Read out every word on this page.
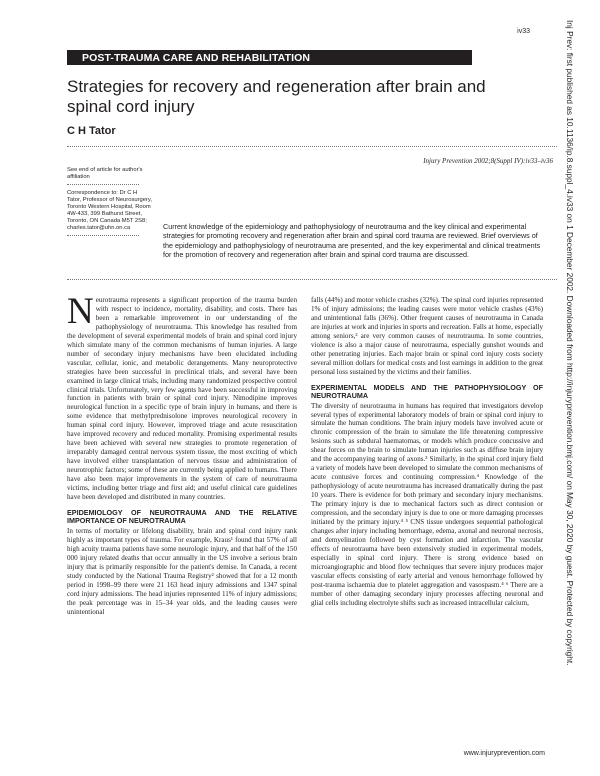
iv33
POST-TRAUMA CARE AND REHABILITATION
Strategies for recovery and regeneration after brain and spinal cord injury
C H Tator
Injury Prevention 2002;8(Suppl IV):iv33–iv36
See end of article for author's affiliation
Correspondence to: Dr C H Tator, Professor of Neurosurgery, Toronto Western Hospital, Room 4W-433, 399 Bathurst Street, Toronto, ON Canada M5T 2S8; charles.tator@uhn.on.ca	Current knowledge of the epidemiology and pathophysiology of neurotrauma and the key clinical and experimental strategies for promoting recovery and regeneration after brain and spinal cord trauma are reviewed. Brief overviews of the epidemiology and pathophysiology of neurotrauma are presented, and the key experimental and clinical treatments for the promotion of recovery and regeneration after brain and spinal cord trauma are discussed.

Neurotrauma represents a significant proportion of the trauma burden with respect to incidence, mortality, disability, and costs. There has been a remarkable improvement in our understanding of the pathophysiology of neurotrauma. This knowledge has resulted from the development of several experimental models of brain and spinal cord injury which simulate many of the common mechanisms of human injuries. A large number of secondary injury mechanisms have been elucidated including vascular, cellular, ionic, and metabolic derangements. Many neuroprotective strategies have been successful in preclinical trials, and several have been examined in large clinical trials, including many randomized prospective control clinical trials. Unfortunately, very few agents have been successful in improving function in patients with brain or spinal cord injury. Nimodipine improves neurological function in a specific type of brain injury in humans, and there is some evidence that methylprednisolone improves neurological recovery in human spinal cord injury. However, improved triage and acute resuscitation have improved recovery and reduced mortality. Promising experimental results have been achieved with several new strategies to promote regeneration of irreparably damaged central nervous system tissue, the most exciting of which have involved either transplantation of nervous tissue and administration of neurotrophic factors; some of these are currently being applied to humans. There have also been major improvements in the system of care of neurotrauma victims, including better triage and first aid; and useful clinical care guidelines have been developed and distributed in many countries.

EPIDEMIOLOGY OF NEUROTRAUMA AND THE RELATIVE IMPORTANCE OF NEUROTRAUMA

In terms of mortality or lifelong disability, brain and spinal cord injury rank highly as important types of trauma. For example, Kraus¹ found that 57% of all high acuity trauma patients have some neurologic injury, and that half of the 150 000 injury related deaths that occur annually in the US involve a serious brain injury that is primarily responsible for the patient's demise. In Canada, a recent study conducted by the National Trauma Registry² showed that for a 12 month period in 1998–99 there were 21 163 head injury admissions and 1347 spinal cord injury admissions. The head injuries represented 11% of injury admissions; the peak percentage was in 15–34 year olds, and the leading causes were unintentional

falls (44%) and motor vehicle crashes (32%). The spinal cord injuries represented 1% of injury admissions; the leading causes were motor vehicle crashes (43%) and unintentional falls (36%). Other frequent causes of neurotrauma in Canada are injuries at work and injuries in sports and recreation. Falls at home, especially among seniors,² are very common causes of neurotrauma. In some countries, violence is also a major cause of neurotrauma, especially gunshot wounds and other penetrating injuries. Each major brain or spinal cord injury costs society several million dollars for medical costs and lost earnings in addition to the great personal loss sustained by the victims and their families.

EXPERIMENTAL MODELS AND THE PATHOPHYSIOLOGY OF NEUROTRAUMA

The diversity of neurotrauma in humans has required that investigators develop several types of experimental laboratory models of brain or spinal cord injury to simulate the human conditions. The brain injury models have involved acute or chronic compression of the brain to simulate the life threatening compressive lesions such as subdural haematomas, or models which produce concussive and shear forces on the brain to simulate human injuries such as diffuse brain injury and the accompanying tearing of axons.³ Similarly, in the spinal cord injury field a variety of models have been developed to simulate the common mechanisms of acute contusive forces and continuing compression.⁴ Knowledge of the pathophysiology of acute neurotrauma has increased dramatically during the past 10 years. There is evidence for both primary and secondary injury mechanisms. The primary injury is due to mechanical factors such as direct contusion or compression, and the secondary injury is due to one or more damaging processes initiated by the primary injury.⁴ ⁵ CNS tissue undergoes sequential pathological changes after injury including hemorrhage, edema, axonal and neuronal necrosis, and demyelination followed by cyst formation and infarction. The vascular effects of neurotrauma have been extensively studied in experimental models, especially in spinal cord injury. There is strong evidence based on microangiographic and blood flow techniques that severe injury produces major vascular effects consisting of early arterial and venous hemorrhage followed by post-trauma ischaemia due to platelet aggregation and vasospasm.⁴ ⁶ There are a number of other damaging secondary injury processes affecting neuronal and glial cells including electrolyte shifts such as increased intracellular calcium,	Inj Prev: first published as 10.1136/ip.8.suppl_4.iv33 on 1 December 2002. Downloaded from http://injuryprevention.bmj.com/ on May 30, 2020 by guest. Protected by copyright.
www.injuryprevention.com
